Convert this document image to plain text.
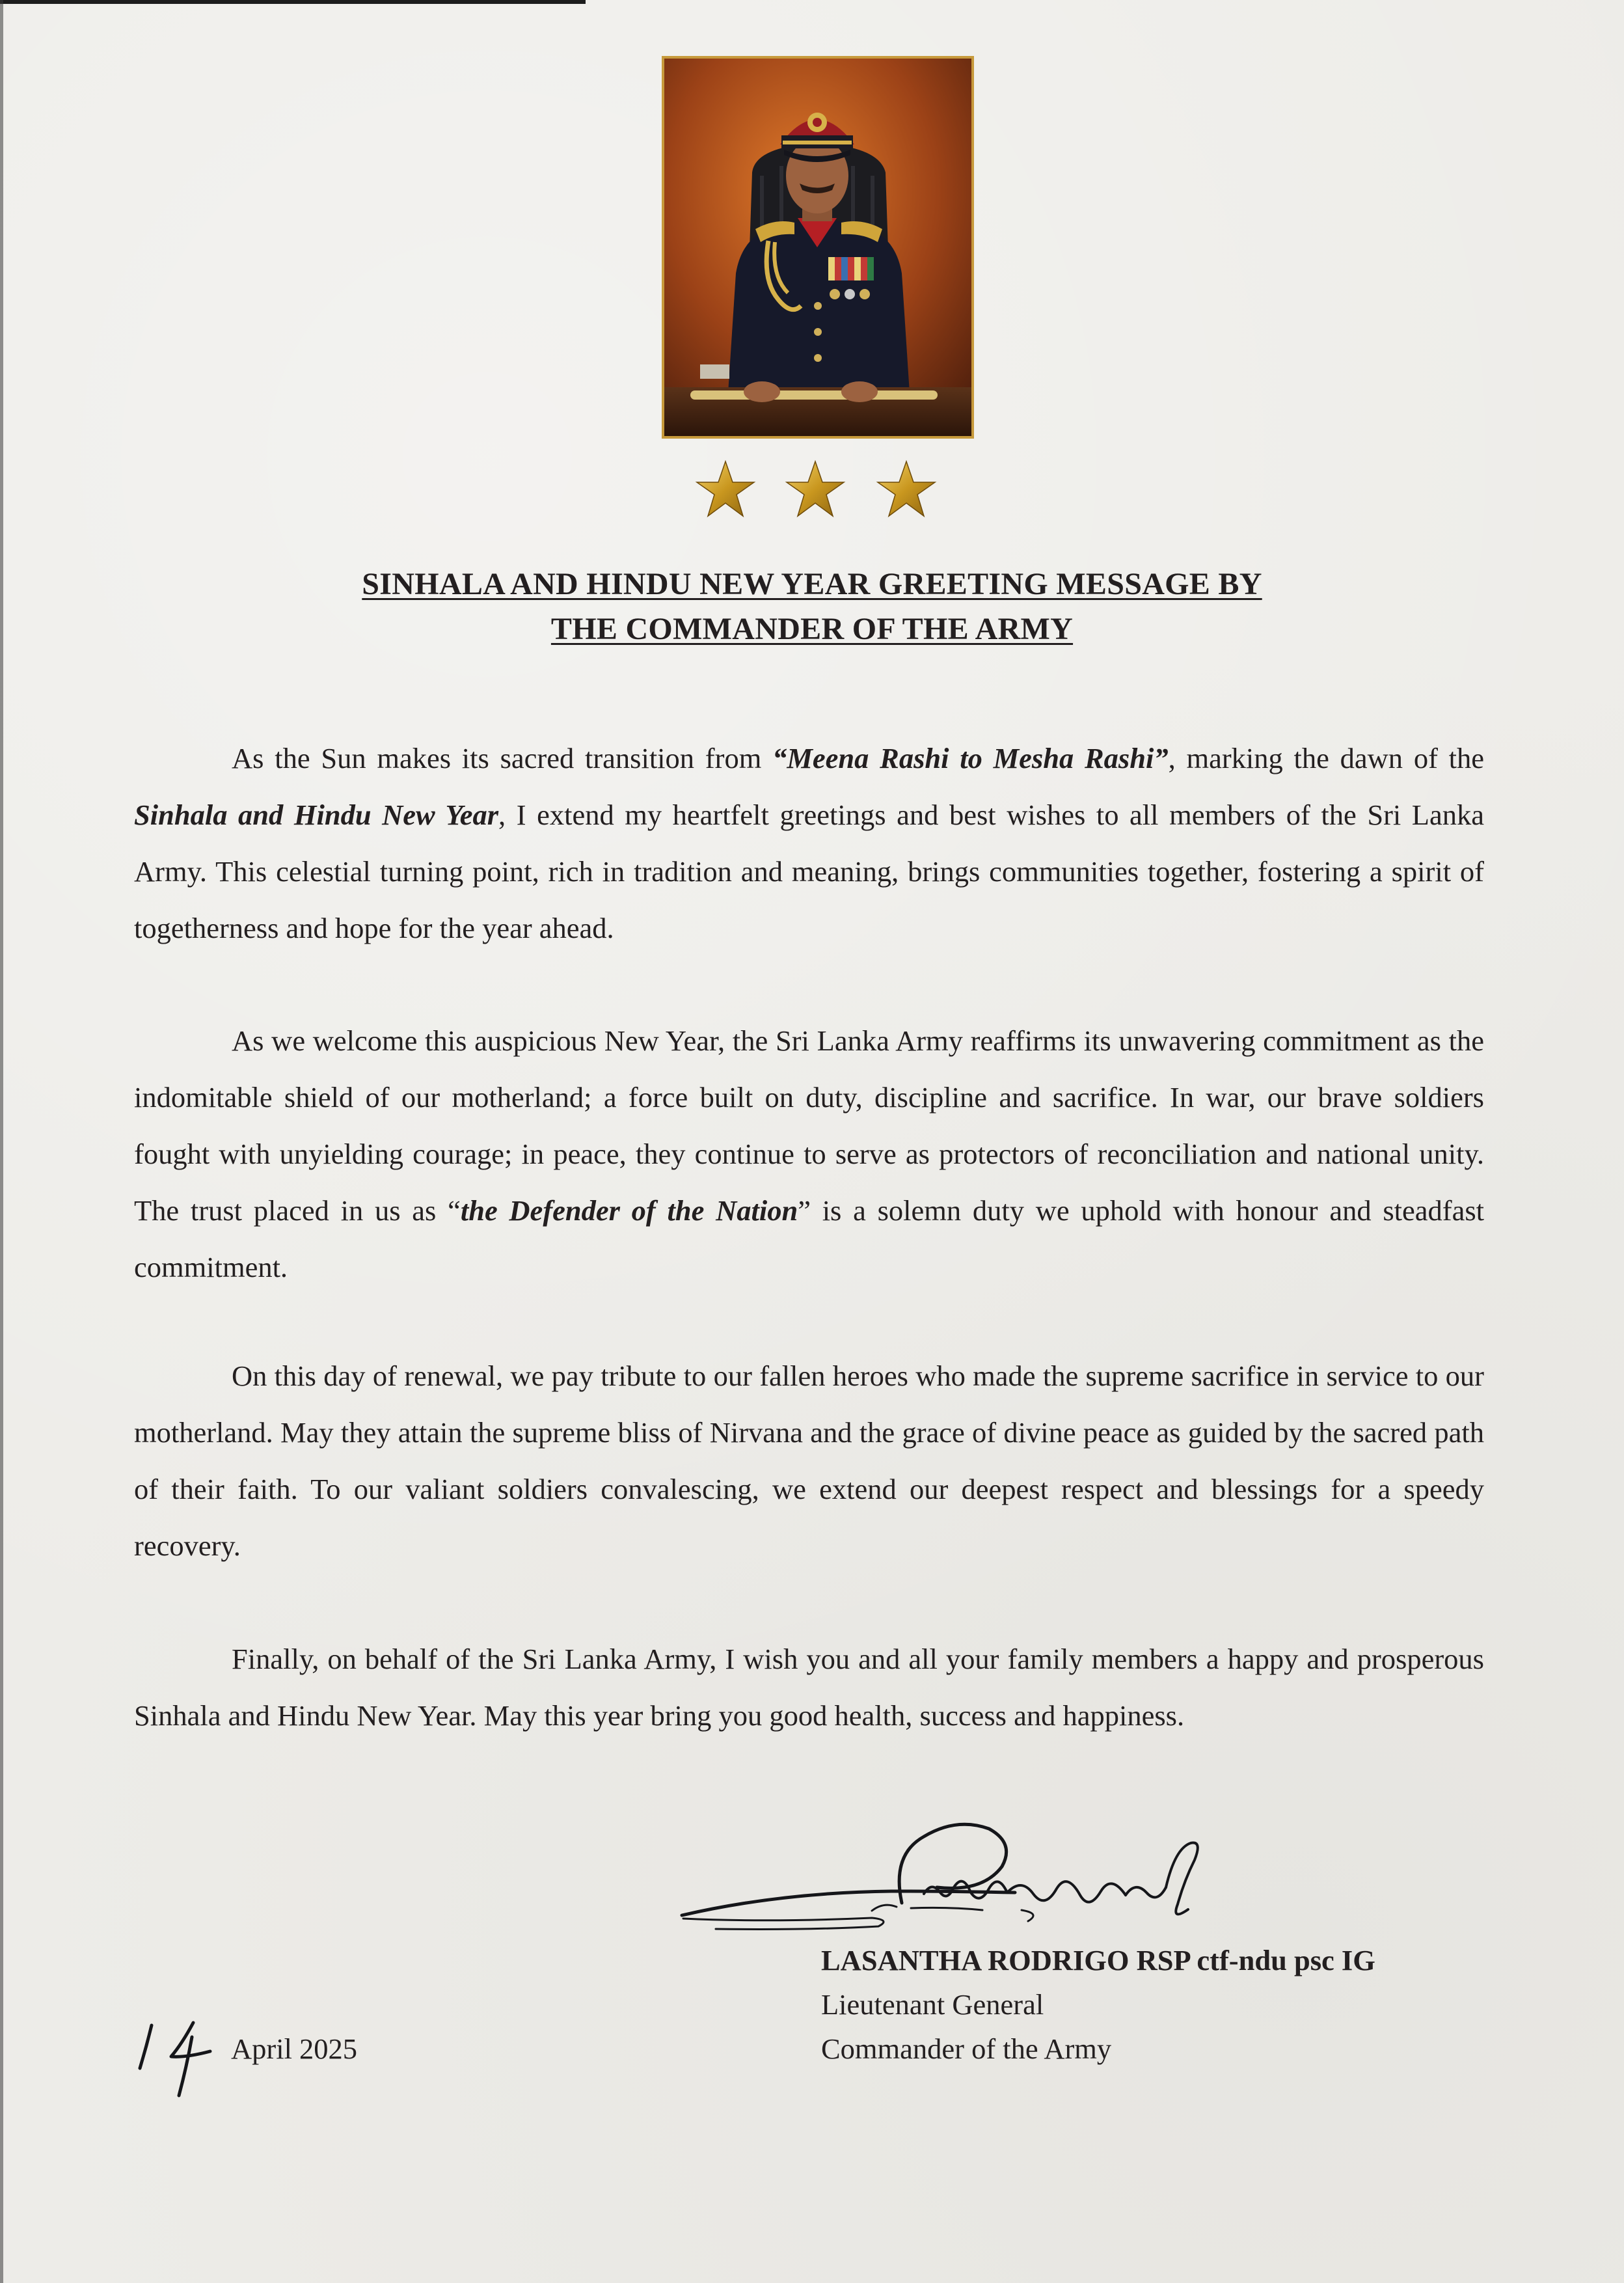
SINHALA AND HINDU NEW YEAR GREETING MESSAGE BY
THE COMMANDER OF THE ARMY

As the Sun makes its sacred transition from “Meena Rashi to Mesha Rashi”, marking the dawn of the Sinhala and Hindu New Year, I extend my heartfelt greetings and best wishes to all members of the Sri Lanka Army. This celestial turning point, rich in tradition and meaning, brings communities together, fostering a spirit of togetherness and hope for the year ahead.

As we welcome this auspicious New Year, the Sri Lanka Army reaffirms its unwavering commitment as the indomitable shield of our motherland; a force built on duty, discipline and sacrifice. In war, our brave soldiers fought with unyielding courage; in peace, they continue to serve as protectors of reconciliation and national unity. The trust placed in us as “the Defender of the Nation” is a solemn duty we uphold with honour and steadfast commitment.

On this day of renewal, we pay tribute to our fallen heroes who made the supreme sacrifice in service to our motherland. May they attain the supreme bliss of Nirvana and the grace of divine peace as guided by the sacred path of their faith. To our valiant soldiers convalescing, we extend our deepest respect and blessings for a speedy recovery.

Finally, on behalf of the Sri Lanka Army, I wish you and all your family members a happy and prosperous Sinhala and Hindu New Year. May this year bring you good health, success and happiness.

LASANTHA RODRIGO RSP ctf-ndu psc IG
Lieutenant General
Commander of the Army
April 2025
